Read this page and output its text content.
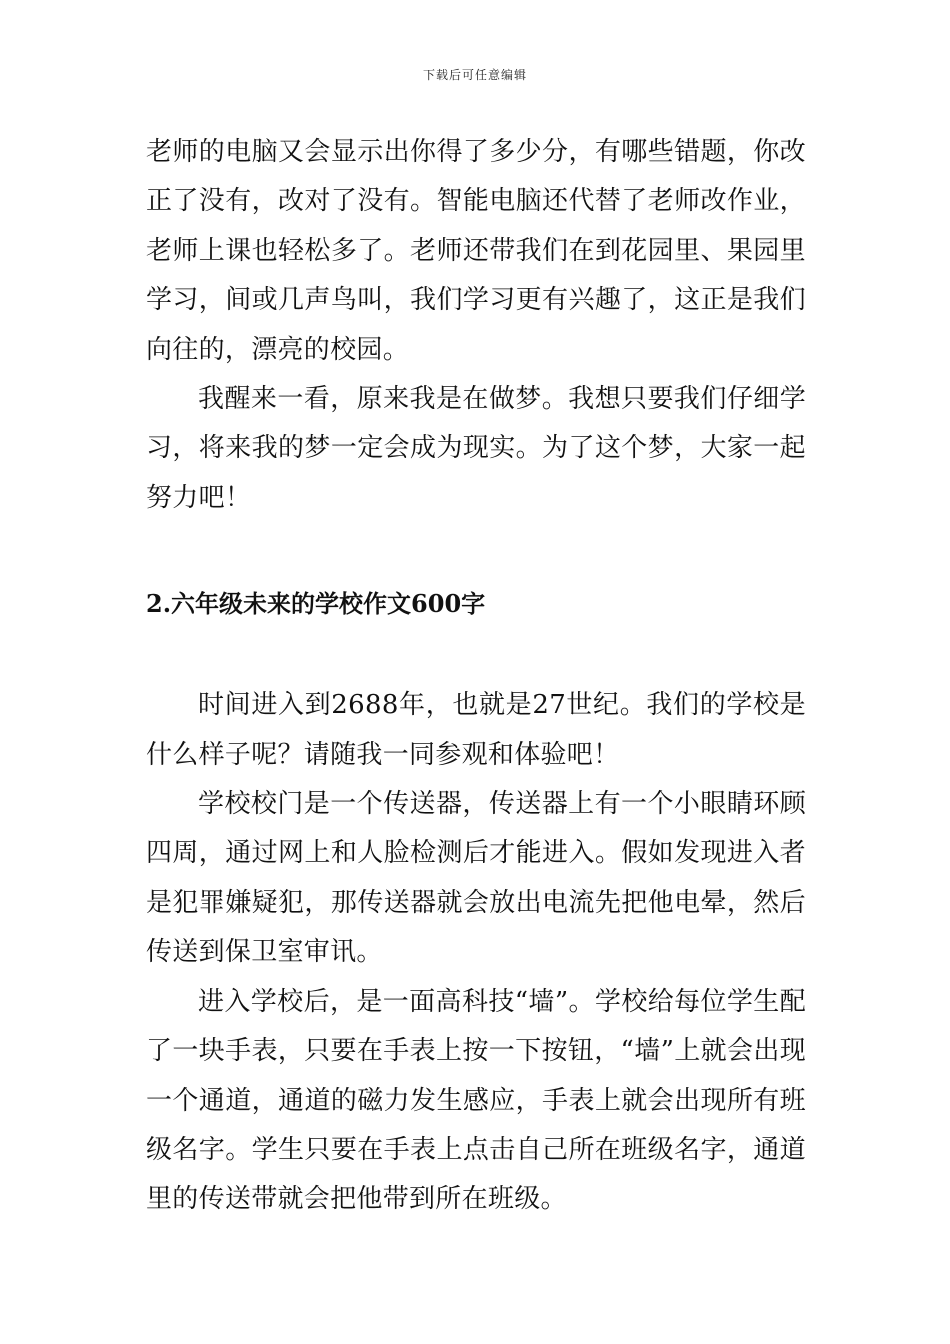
下载后可任意编辑

老师的电脑又会显示出你得了多少分，有哪些错题，你改正了没有，改对了没有。智能电脑还代替了老师改作业，老师上课也轻松多了。老师还带我们在到花园里、果园里学习，间或几声鸟叫，我们学习更有兴趣了，这正是我们向往的，漂亮的校园。

我醒来一看，原来我是在做梦。我想只要我们仔细学习，将来我的梦一定会成为现实。为了这个梦，大家一起努力吧！

2.六年级未来的学校作文600字

时间进入到2688年，也就是27世纪。我们的学校是什么样子呢？请随我一同参观和体验吧！

学校校门是一个传送器，传送器上有一个小眼睛环顾四周，通过网上和人脸检测后才能进入。假如发现进入者是犯罪嫌疑犯，那传送器就会放出电流先把他电晕，然后传送到保卫室审讯。

进入学校后，是一面高科技“墙”。学校给每位学生配了一块手表，只要在手表上按一下按钮，“墙”上就会出现一个通道，通道的磁力发生感应，手表上就会出现所有班级名字。学生只要在手表上点击自己所在班级名字，通道里的传送带就会把他带到所在班级。
